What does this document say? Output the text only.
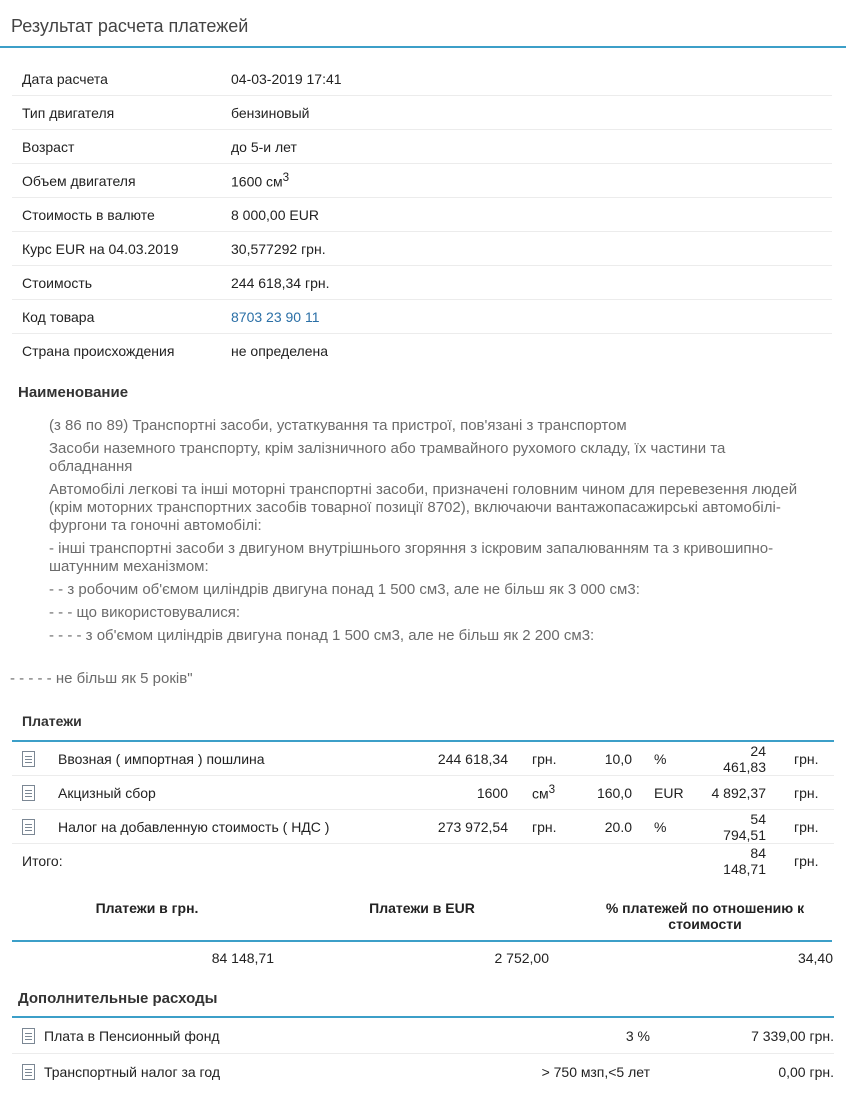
Результат расчета платежей
Дата расчета	04-03-2019 17:41
Тип двигателя	бензиновый
Возраст	до 5-и лет
Объем двигателя	1600 $см^3$
Стоимость в валюте	8 000,00 EUR
Курс EUR на 04.03.2019	30,577292 грн.
Стоимость	244 618,34 грн.
Код товара	8703 23 90 11
Страна происхождения	не определена
Наименование

(з 86 по 89) Транспортні засоби, устаткування та пристрої, пов'язані з транспортом

Засоби наземного транспорту, крім залізничного або трамвайного рухомого складу, їх частини та обладнання

Автомобілі легкові та інші моторні транспортні засоби, призначені головним чином для перевезення людей (крім моторних транспортних засобів товарної позиції 8702), включаючи вантажопасажирські автомобілі-фургони та гоночні автомобілі:

- інші транспортні засоби з двигуном внутрішнього згоряння з іскровим запалюванням та з кривошипно-шатунним механізмом:

- - з робочим об'ємом циліндрів двигуна понад 1 500 см3, але не більш як 3 000 см3:

- - - що використовувалися:

- - - - з об'ємом циліндрів двигуна понад 1 500 см3, але не більш як 2 200 см3:

- - - - - не більш як 5 років"
Платежи
	Ввозная ( импортная ) пошлина	244 618,34	грн.	10,0	%	24 461,83	грн.
	Акцизный сбор	1600	$см^3$	160,0	EUR	4 892,37	грн.
	Налог на добавленную стоимость ( НДС )	273 972,54	грн.	20.0	%	54 794,51	грн.
Итого:						84 148,71	грн.
Платежи в грн.	Платежи в EUR	% платежей по отношению к стоимости
84 148,71	2 752,00	34,40
Дополнительные расходы
	Плата в Пенсионный фонд	3 %	7 339,00 грн.
	Транспортный налог за год	> 750 мзп,<5 лет	0,00 грн.
